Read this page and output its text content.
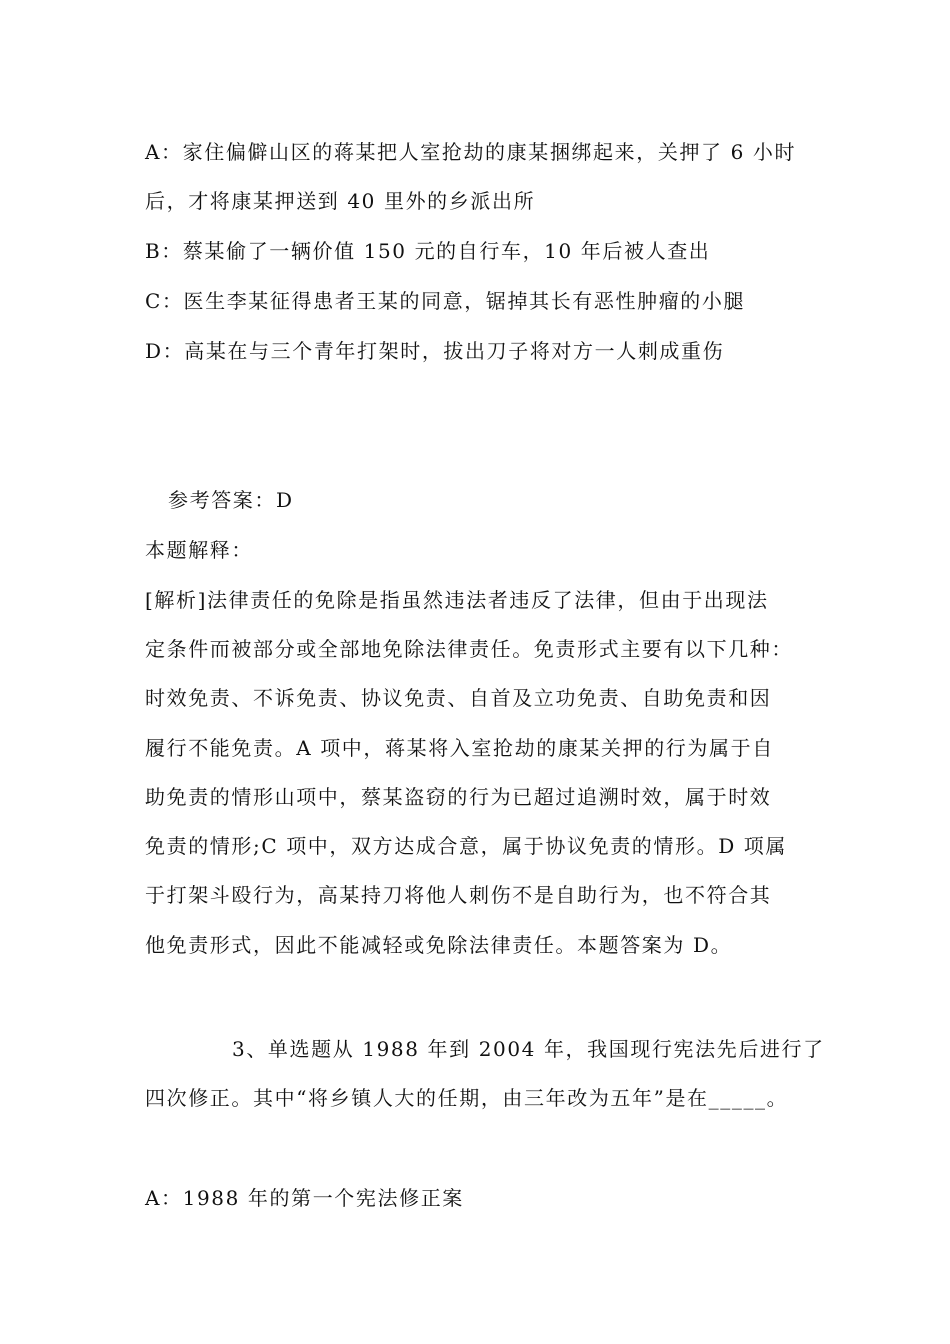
A：家住偏僻山区的蒋某把人室抢劫的康某捆绑起来，关押了 6 小时
后，才将康某押送到 40 里外的乡派出所
B：蔡某偷了一辆价值 150 元的自行车，10 年后被人查出
C：医生李某征得患者王某的同意，锯掉其长有恶性肿瘤的小腿
D：高某在与三个青年打架时，拔出刀子将对方一人刺成重伤
参考答案：D
本题解释：
[解析]法律责任的免除是指虽然违法者违反了法律，但由于出现法
定条件而被部分或全部地免除法律责任。免责形式主要有以下几种：
时效免责、不诉免责、协议免责、自首及立功免责、自助免责和因
履行不能免责。A 项中，蒋某将入室抢劫的康某关押的行为属于自
助免责的情形山项中，蔡某盗窃的行为已超过追溯时效，属于时效
免责的情形;C 项中，双方达成合意，属于协议免责的情形。D 项属
于打架斗殴行为，高某持刀将他人刺伤不是自助行为，也不符合其
他免责形式，因此不能减轻或免除法律责任。本题答案为 D。
3、单选题从 1988 年到 2004 年，我国现行宪法先后进行了
四次修正。其中“将乡镇人大的任期，由三年改为五年”是在_____。
A：1988 年的第一个宪法修正案
